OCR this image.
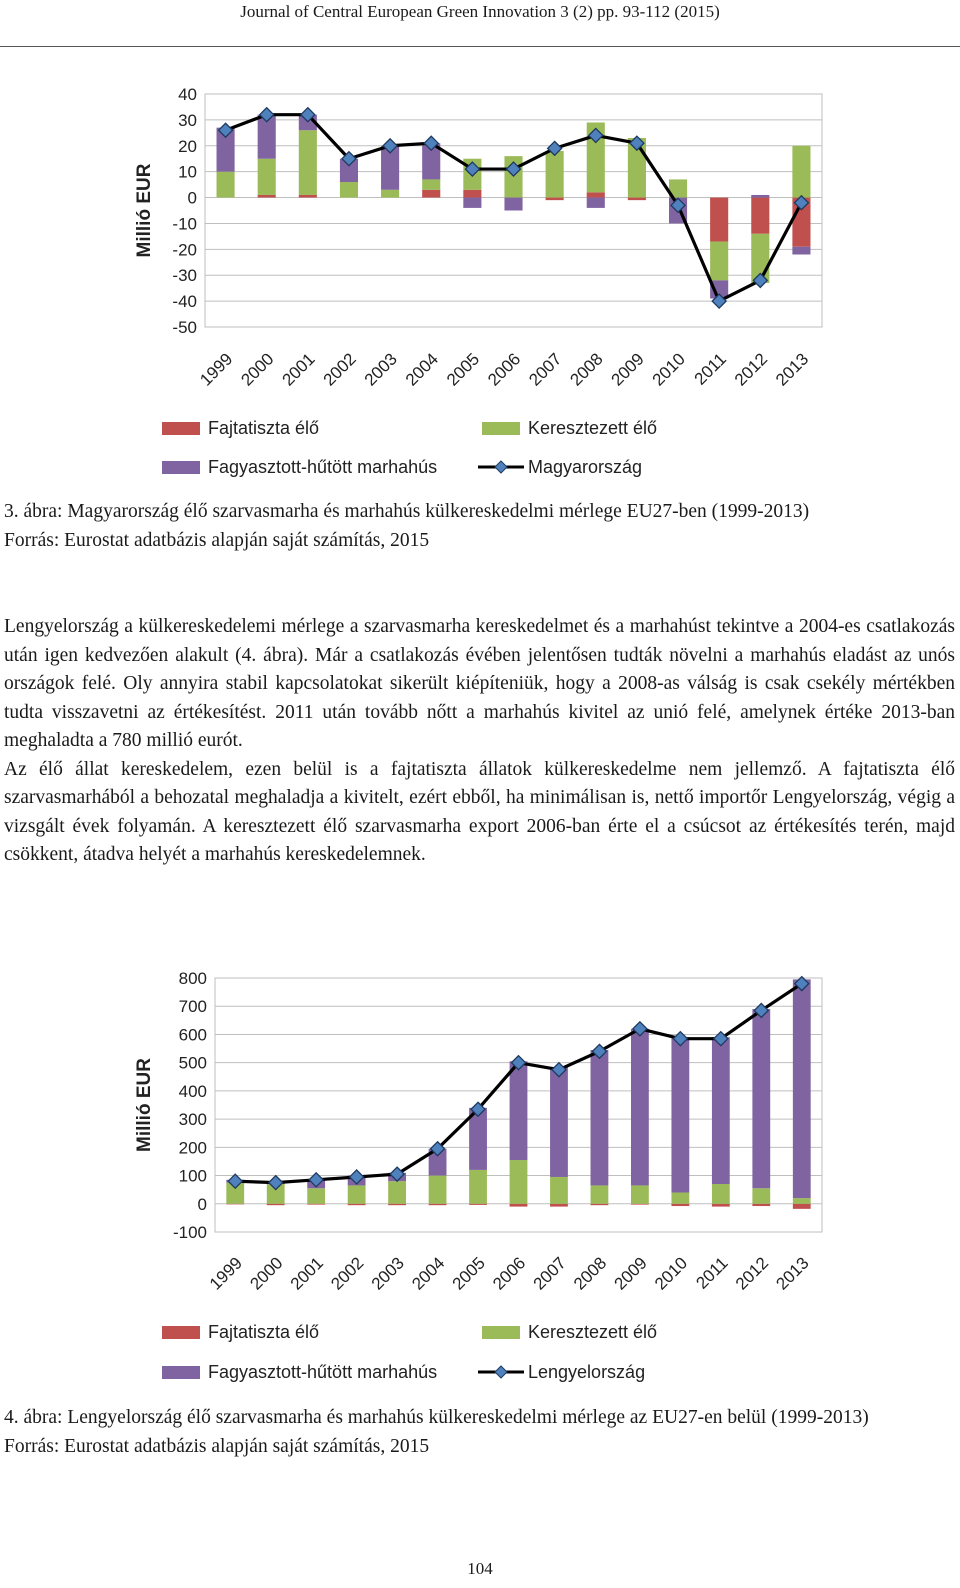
Journal of Central European Green Innovation 3 (2) pp. 93-112 (2015)
-50
-40
-30
-20
-10
0
10
20
30
40
Millió EUR
1999 2000 2001 2002 2003 2004 2005 2006 2007 2008 2009 2010 2011 2012 2013
Fajtatiszta élő	Keresztezett élő
Fagyasztott-hűtött marhahús	Magyarország

3. ábra: Magyarország élő szarvasmarha és marhahús külkereskedelmi mérlege EU27-ben (1999-2013)

Forrás: Eurostat adatbázis alapján saját számítás, 2015

Lengyelország a külkereskedelemi mérlege a szarvasmarha kereskedelmet és a marhahúst tekintve a 2004-es csatlakozás után igen kedvezően alakult (4. ábra). Már a csatlakozás évében jelentősen tudták növelni a marhahús eladást az unós országok felé. Oly annyira stabil kapcsolatokat sikerült kiépíteniük, hogy a 2008-as válság is csak csekély mértékben tudta visszavetni az értékesítést. 2011 után tovább nőtt a marhahús kivitel az unió felé, amelynek értéke 2013-ban meghaladta a 780 millió eurót.

Az élő állat kereskedelem, ezen belül is a fajtatiszta állatok külkereskedelme nem jellemző. A fajtatiszta élő szarvasmarhából a behozatal meghaladja a kivitelt, ezért ebből, ha minimálisan is, nettő importőr Lengyelország, végig a vizsgált évek folyamán. A keresztezett élő szarvasmarha export 2006-ban érte el a csúcsot az értékesítés terén, majd csökkent, átadva helyét a marhahús kereskedelemnek.

-100
0
100
200
300
400
500
600
700
800
Millió EUR
1999 2000 2001 2002 2003 2004 2005 2006 2007 2008 2009 2010 2011 2012 2013
Fajtatiszta élő	Keresztezett élő
Fagyasztott-hűtött marhahús	Lengyelország

4. ábra: Lengyelország élő szarvasmarha és marhahús külkereskedelmi mérlege az EU27-en belül (1999-2013)

Forrás: Eurostat adatbázis alapján saját számítás, 2015

104
